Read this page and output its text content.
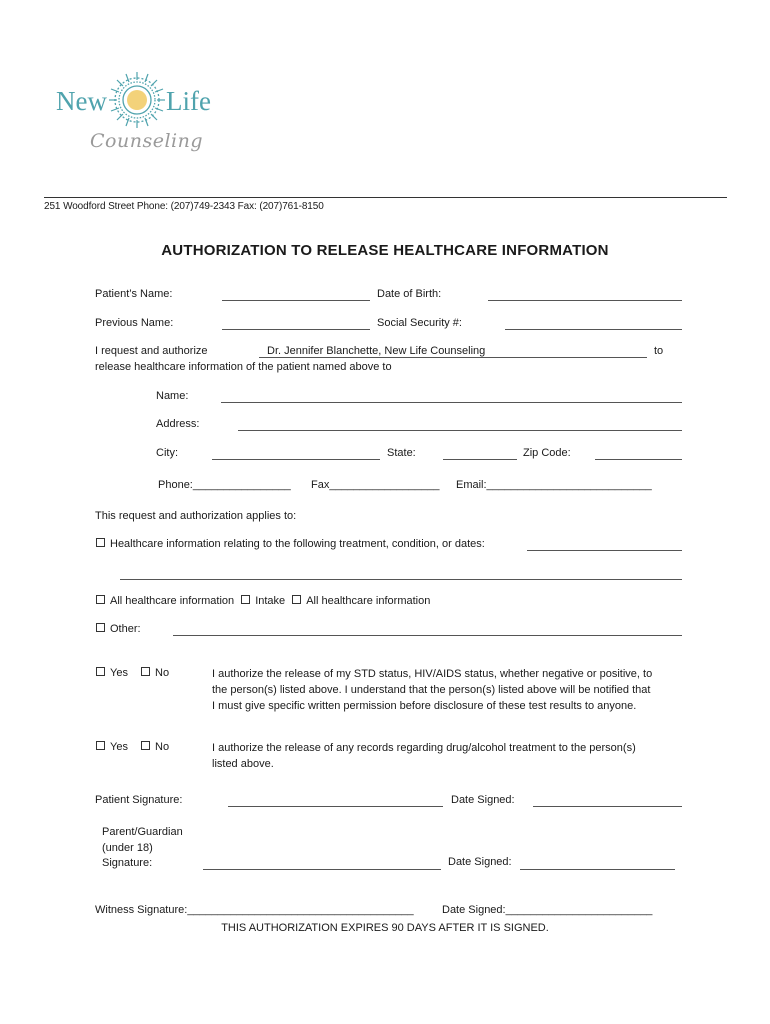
New Life
Counseling
251 Woodford Street Phone: (207)749-2343 Fax: (207)761-8150
AUTHORIZATION TO RELEASE HEALTHCARE INFORMATION
Patient’s Name:	Date of Birth:
Previous Name:	Social Security #:
I request and authorize	Dr. Jennifer Blanchette, New Life Counseling	to
release healthcare information of the patient named above to
Name:
Address:
City:	State:	Zip Code:
Phone:________________ Fax__________________ Email:___________________________
This request and authorization applies to:
Healthcare information relating to the following treatment, condition, or dates:
All healthcare information Intake All healthcare information
Other:
Yes No	I authorize the release of my STD status, HIV/AIDS status, whether negative or positive, to
the person(s) listed above. I understand that the person(s) listed above will be notified that
I must give specific written permission before disclosure of these test results to anyone.
Yes No	I authorize the release of any records regarding drug/alcohol treatment to the person(s)
listed above.
Patient Signature:	Date Signed:
Parent/Guardian
(under 18)
Signature:	Date Signed:
Witness Signature:_____________________________________	Date Signed:________________________
THIS AUTHORIZATION EXPIRES 90 DAYS AFTER IT IS SIGNED.
